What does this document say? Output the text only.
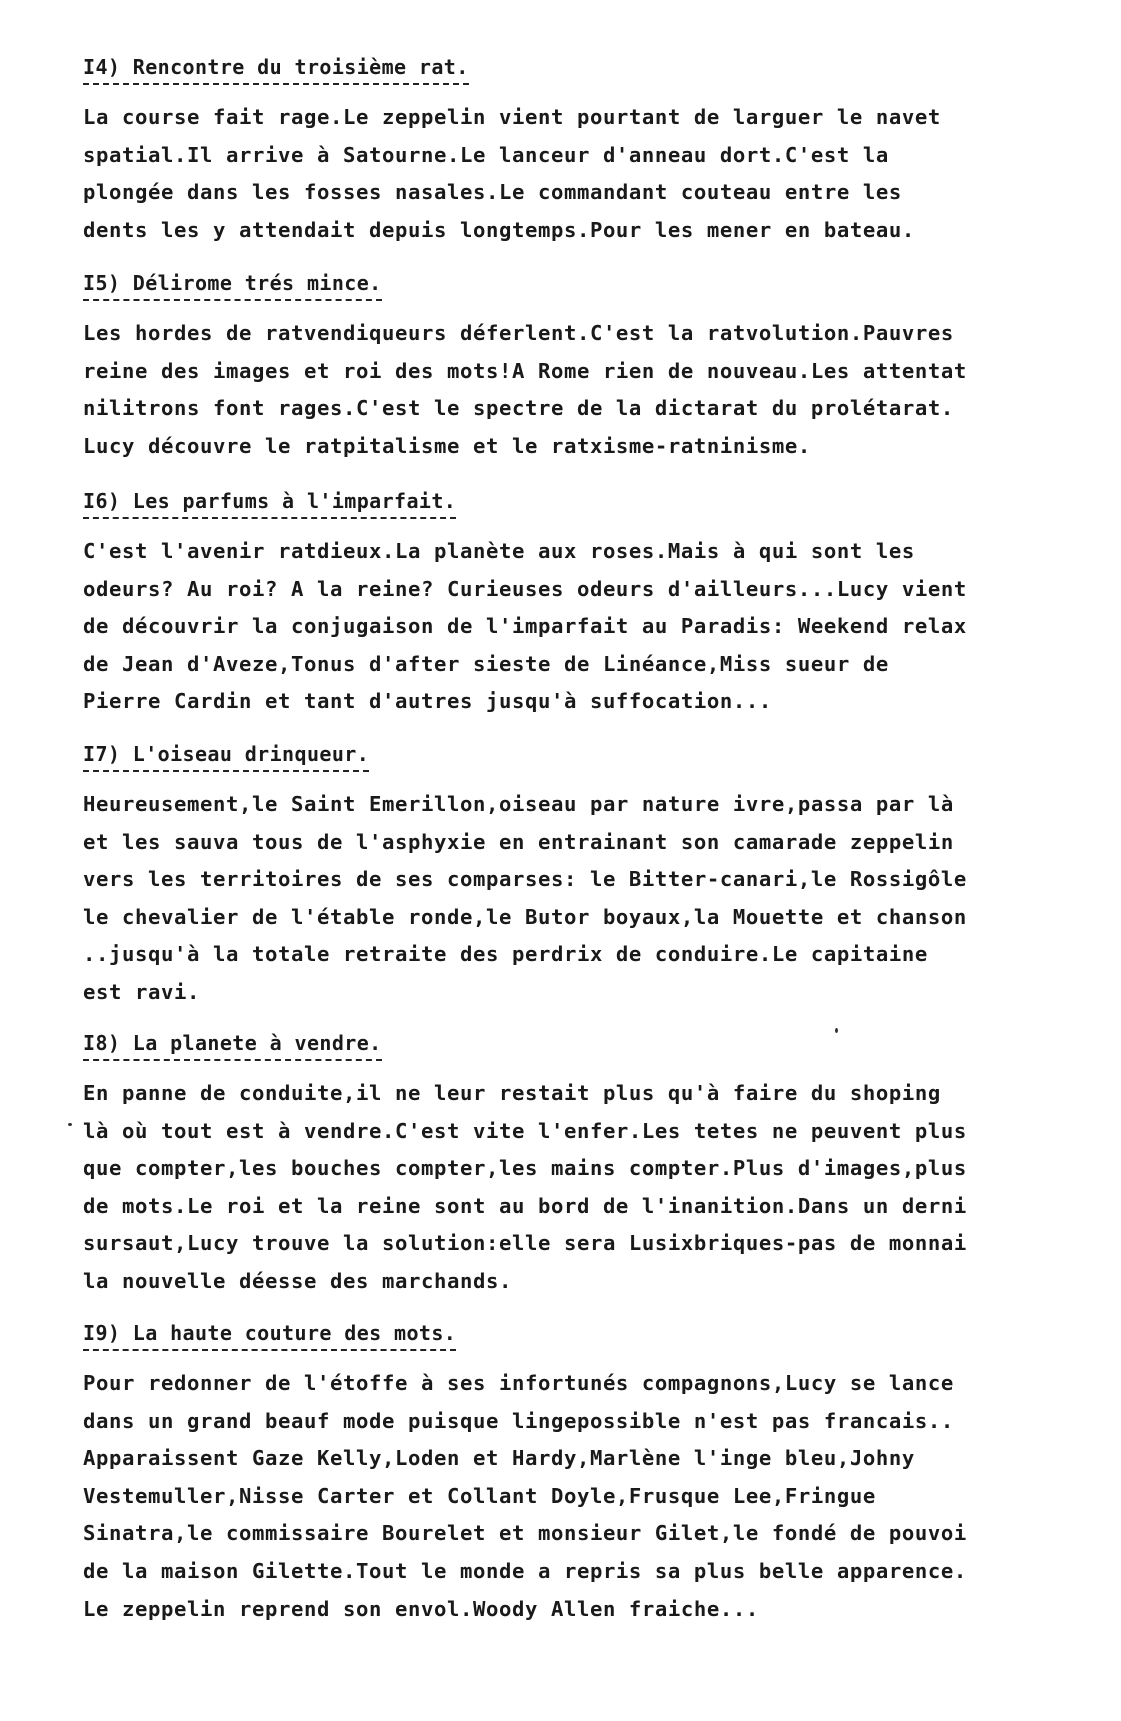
I4) Rencontre du troisième rat.
La course fait rage.Le zeppelin vient pourtant de larguer le navet
spatial.Il arrive à Satourne.Le lanceur d'anneau dort.C'est la
plongée dans les fosses nasales.Le commandant couteau entre les
dents les y attendait depuis longtemps.Pour les mener en bateau.
I5) Délirome trés mince.
Les hordes de ratvendiqueurs déferlent.C'est la ratvolution.Pauvres
reine des images et roi des mots!A Rome rien de nouveau.Les attentat
nilitrons font rages.C'est le spectre de la dictarat du prolétarat.
Lucy découvre le ratpitalisme et le ratxisme-ratninisme.
I6) Les parfums à l'imparfait.
C'est l'avenir ratdieux.La planète aux roses.Mais à qui sont les
odeurs? Au roi? A la reine? Curieuses odeurs d'ailleurs...Lucy vient
de découvrir la conjugaison de l'imparfait au Paradis: Weekend relax
de Jean d'Aveze,Tonus d'after sieste de Linéance,Miss sueur de
Pierre Cardin et tant d'autres jusqu'à suffocation...
I7) L'oiseau drinqueur.
Heureusement,le Saint Emerillon,oiseau par nature ivre,passa par là
et les sauva tous de l'asphyxie en entrainant son camarade zeppelin
vers les territoires de ses comparses: le Bitter-canari,le Rossigôle
le chevalier de l'étable ronde,le Butor boyaux,la Mouette et chanson
..jusqu'à la totale retraite des perdrix de conduire.Le capitaine
est ravi.
I8) La planete à vendre.
En panne de conduite,il ne leur restait plus qu'à faire du shoping
là où tout est à vendre.C'est vite l'enfer.Les tetes ne peuvent plus
que compter,les bouches compter,les mains compter.Plus d'images,plus
de mots.Le roi et la reine sont au bord de l'inanition.Dans un derni
sursaut,Lucy trouve la solution:elle sera Lusixbriques-pas de monnai
la nouvelle déesse des marchands.
I9) La haute couture des mots.
Pour redonner de l'étoffe à ses infortunés compagnons,Lucy se lance
dans un grand beauf mode puisque lingepossible n'est pas francais..
Apparaissent Gaze Kelly,Loden et Hardy,Marlène l'inge bleu,Johny
Vestemuller,Nisse Carter et Collant Doyle,Frusque Lee,Fringue
Sinatra,le commissaire Bourelet et monsieur Gilet,le fondé de pouvoi
de la maison Gilette.Tout le monde a repris sa plus belle apparence.
Le zeppelin reprend son envol.Woody Allen fraiche...
